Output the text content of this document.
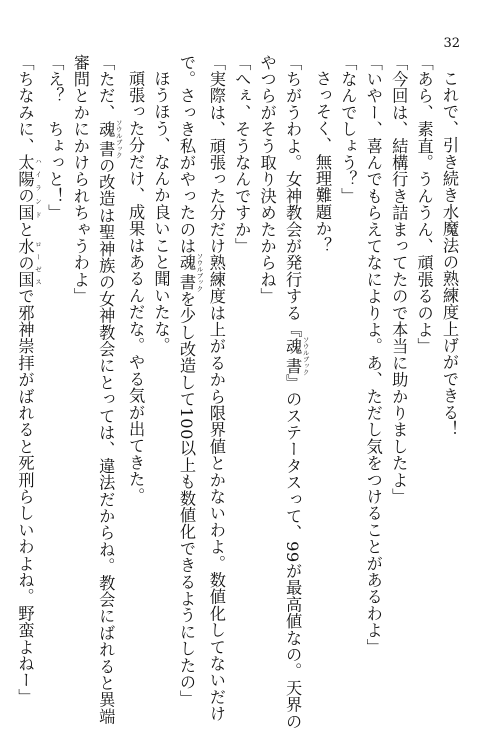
32
これで、引き続き水魔法の熟練度上げができる！
「あら、素直。うんうん、頑張るのよ」
「今回は、結構行き詰まってたので本当に助かりましたよ」
「いやー、喜んでもらえてなによりよ。あ、ただし気をつけることがあるわよ」
「なんでしょう？」
さっそく、無理難題か？
「ちがうわよ。女神教会が発行する『魂書 ソウルブック』のステータスって、99が最高値なの。天界の
やつらがそう取り決めたからね」
「へぇ、そうなんですか」
「実際は、頑張った分だけ熟練度は上がるから限界値とかないわよ。数値化してないだけ
で。さっき私がやったのは魂書 ソウルブックを少し改造して100以上も数値化できるようにしたの」
ほうほう、なんか良いこと聞いたな。
頑張った分だけ、成果はあるんだな。やる気が出てきた。
「ただ、魂書 ソウルブックの改造は聖神族の女神教会にとっては、違法だからね。教会にばれると異端
審問とかにかけられちゃうわよ」
「え？　ちょっと！」
「ちなみに、太陽の国 ハイランドと水の国 ローゼスで邪神崇拝がばれると死刑らしいわよね。野蛮よねー」
